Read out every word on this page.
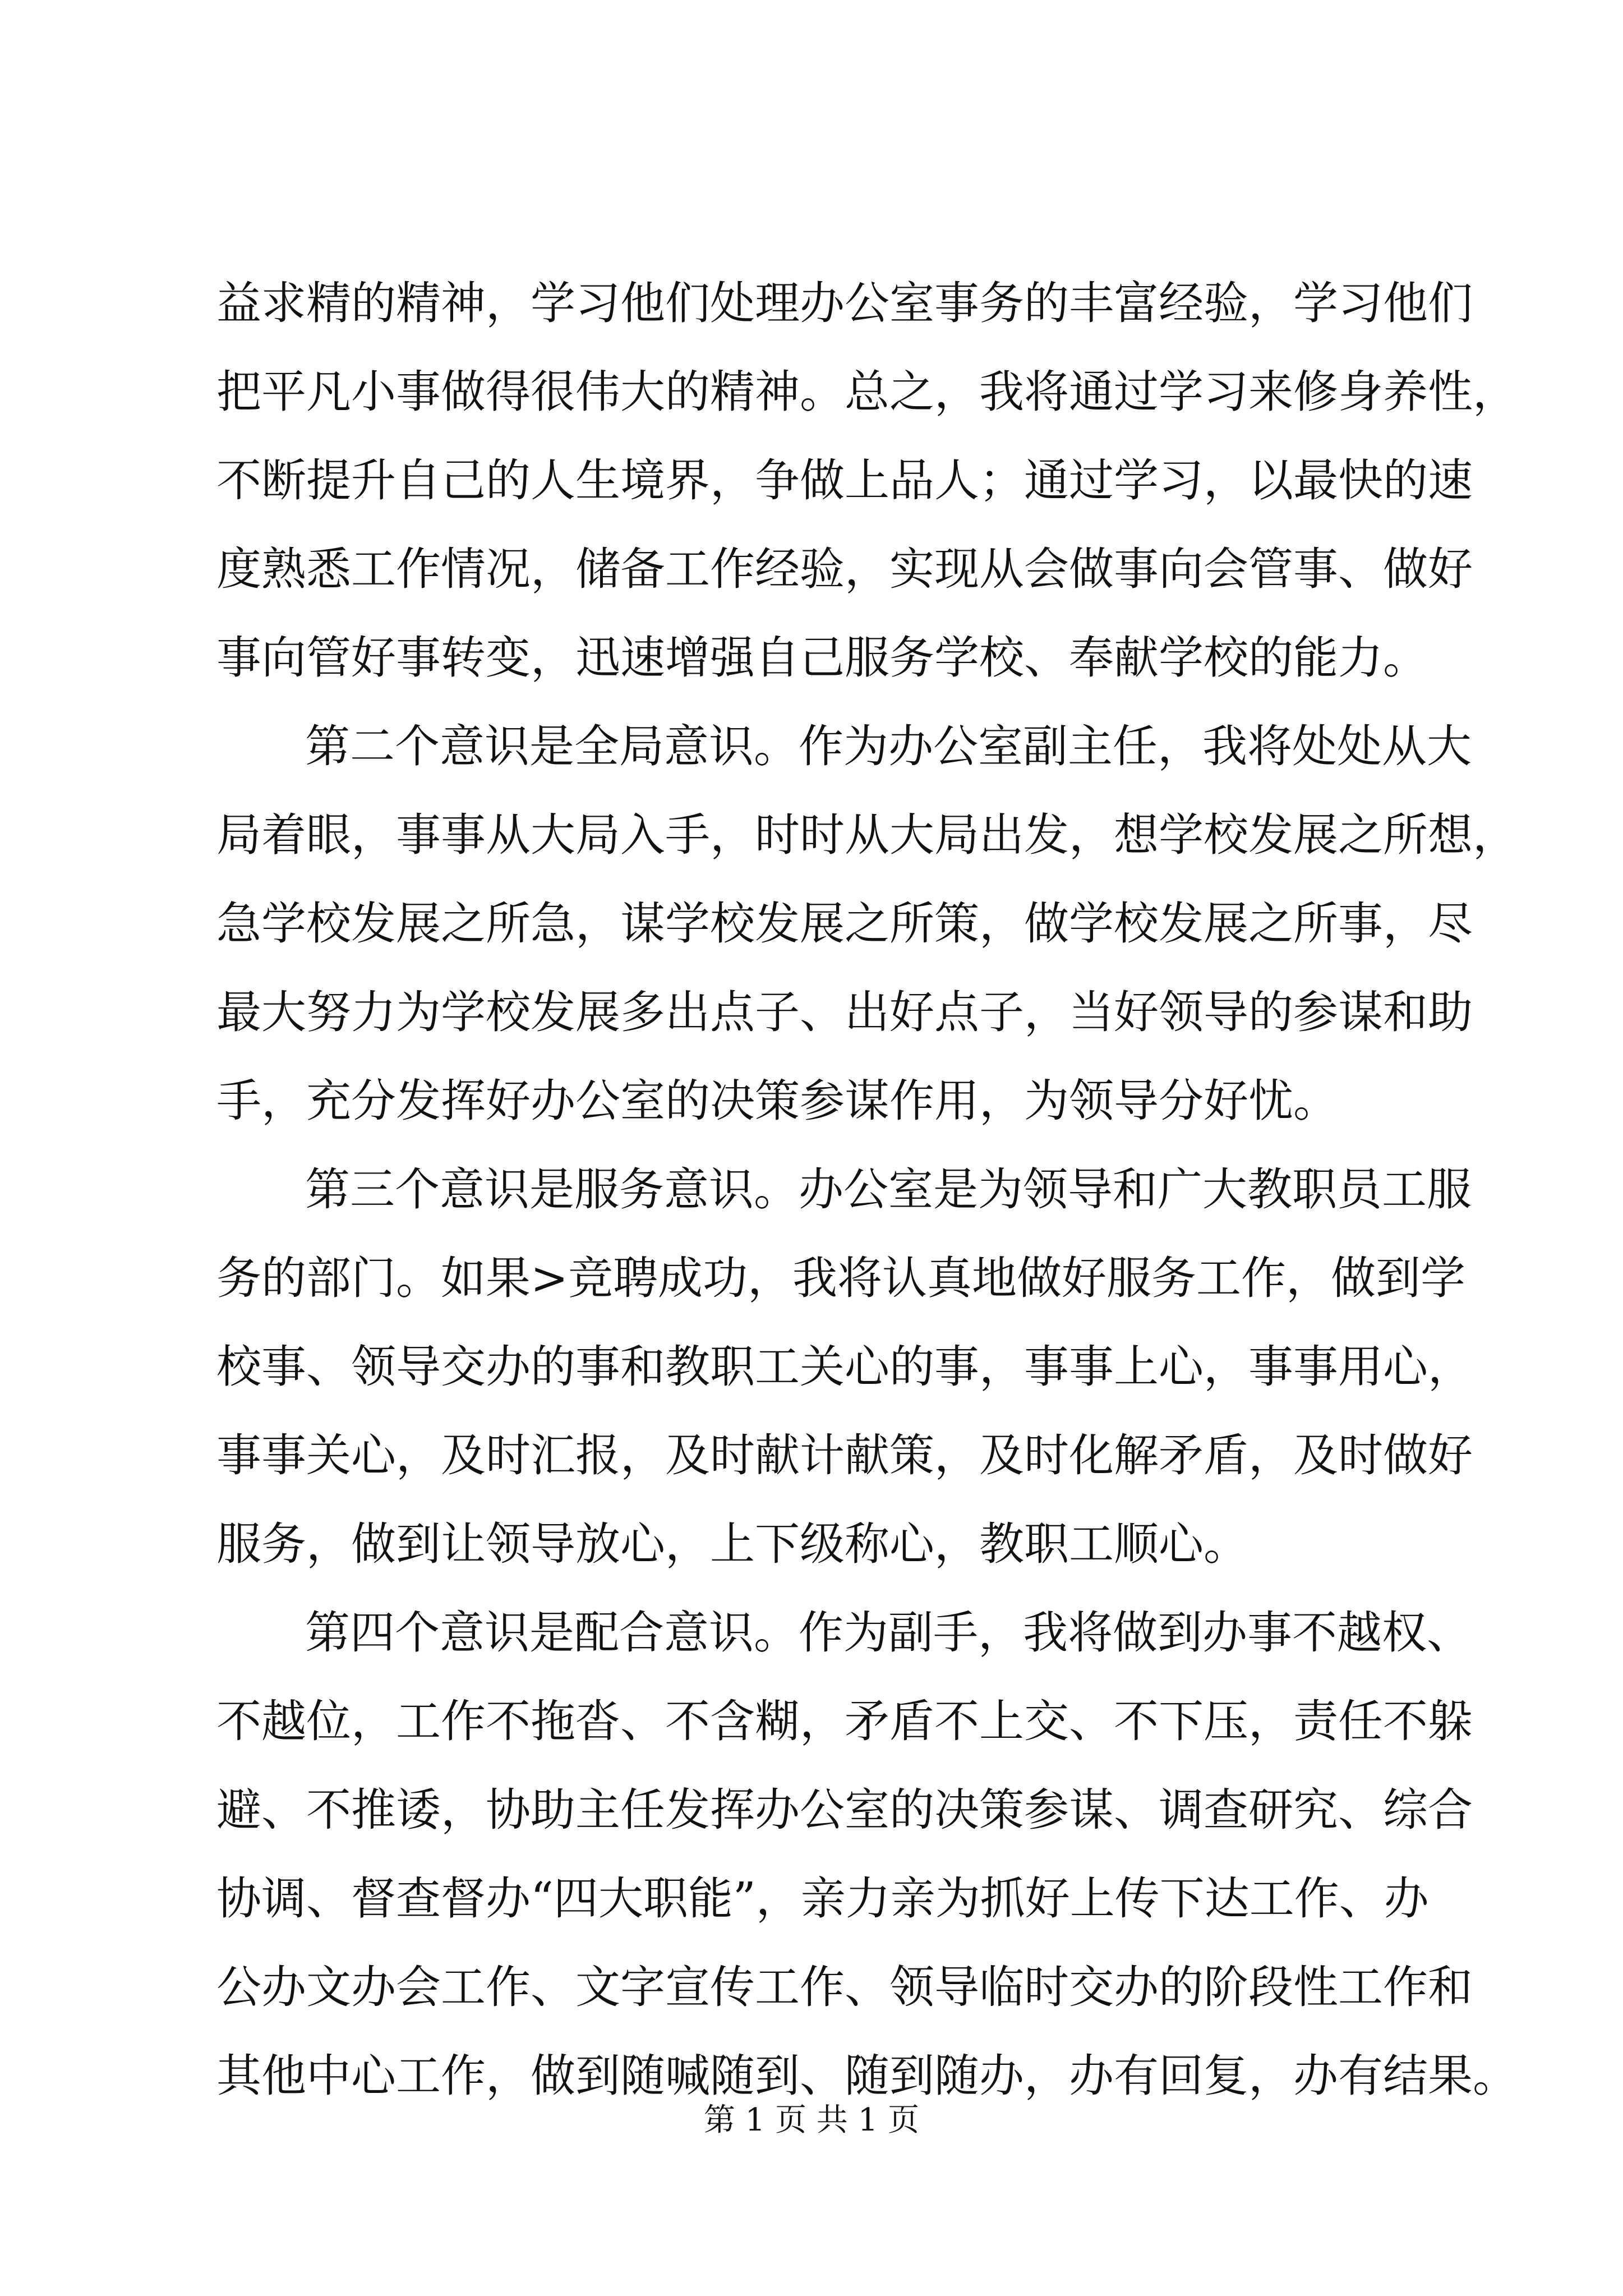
益求精的精神，学习他们处理办公室事务的丰富经验，学习他们
把平凡小事做得很伟大的精神。总之，我将通过学习来修身养性，
不断提升自己的人生境界，争做上品人；通过学习，以最快的速
度熟悉工作情况，储备工作经验，实现从会做事向会管事、做好
事向管好事转变，迅速增强自己服务学校、奉献学校的能力。
第二个意识是全局意识。作为办公室副主任，我将处处从大
局着眼，事事从大局入手，时时从大局出发，想学校发展之所想，
急学校发展之所急，谋学校发展之所策，做学校发展之所事，尽
最大努力为学校发展多出点子、出好点子，当好领导的参谋和助
手，充分发挥好办公室的决策参谋作用，为领导分好忧。
第三个意识是服务意识。办公室是为领导和广大教职员工服
务的部门。如果>竞聘成功，我将认真地做好服务工作，做到学
校事、领导交办的事和教职工关心的事，事事上心，事事用心，
事事关心，及时汇报，及时献计献策，及时化解矛盾，及时做好
服务，做到让领导放心，上下级称心，教职工顺心。
第四个意识是配合意识。作为副手，我将做到办事不越权、
不越位，工作不拖沓、不含糊，矛盾不上交、不下压，责任不躲
避、不推诿，协助主任发挥办公室的决策参谋、调查研究、综合
协调、督查督办“四大职能”，亲力亲为抓好上传下达工作、办
公办文办会工作、文字宣传工作、领导临时交办的阶段性工作和
其他中心工作，做到随喊随到、随到随办，办有回复，办有结果。
第 1 页 共 1 页
